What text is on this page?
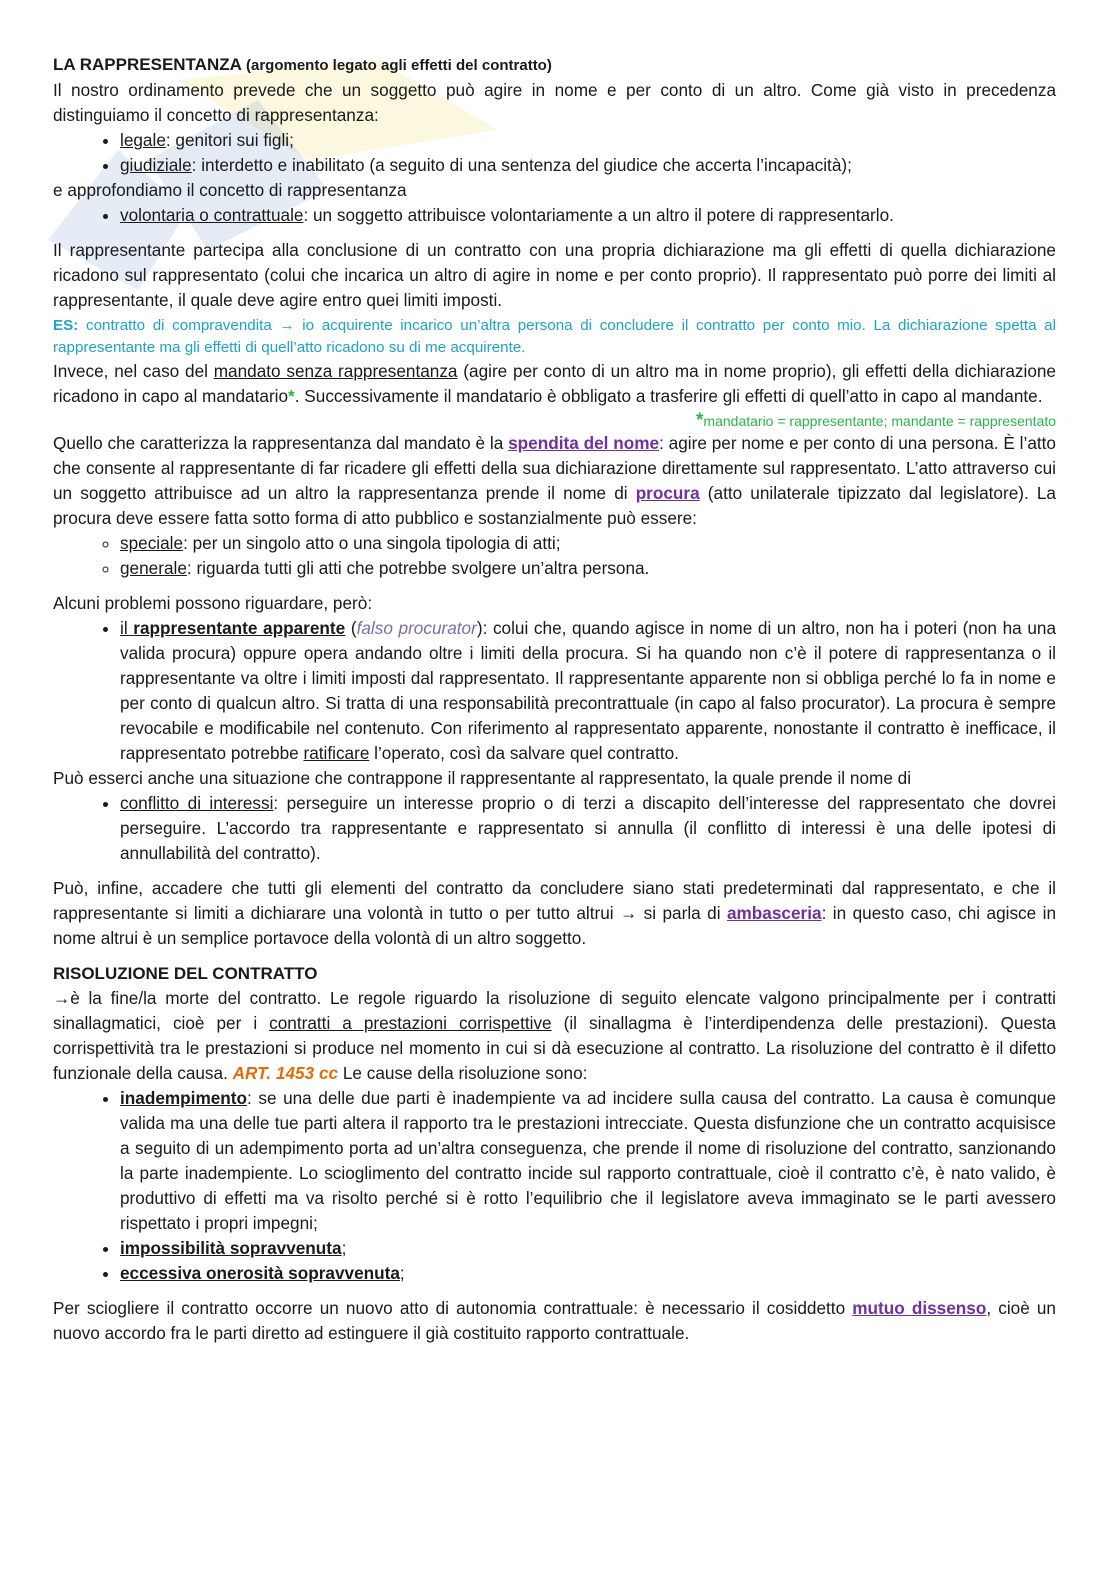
LA RAPPRESENTANZA (argomento legato agli effetti del contratto)

Il nostro ordinamento prevede che un soggetto può agire in nome e per conto di un altro. Come già visto in precedenza distinguiamo il concetto di rappresentanza:

• legale: genitori sui figli;
• giudiziale: interdetto e inabilitato (a seguito di una sentenza del giudice che accerta l’incapacità);

e approfondiamo il concetto di rappresentanza

• volontaria o contrattuale: un soggetto attribuisce volontariamente a un altro il potere di rappresentarlo.

Il rappresentante partecipa alla conclusione di un contratto con una propria dichiarazione ma gli effetti di quella dichiarazione ricadono sul rappresentato (colui che incarica un altro di agire in nome e per conto proprio). Il rappresentato può porre dei limiti al rappresentante, il quale deve agire entro quei limiti imposti.

ES: contratto di compravendita → io acquirente incarico un’altra persona di concludere il contratto per conto mio. La dichiarazione spetta al rappresentante ma gli effetti di quell’atto ricadono su di me acquirente.

Invece, nel caso del mandato senza rappresentanza (agire per conto di un altro ma in nome proprio), gli effetti della dichiarazione ricadono in capo al mandatario*. Successivamente il mandatario è obbligato a trasferire gli effetti di quell’atto in capo al mandante.

*mandatario = rappresentante; mandante = rappresentato

Quello che caratterizza la rappresentanza dal mandato è la spendita del nome: agire per nome e per conto di una persona. È l’atto che consente al rappresentante di far ricadere gli effetti della sua dichiarazione direttamente sul rappresentato. L’atto attraverso cui un soggetto attribuisce ad un altro la rappresentanza prende il nome di procura (atto unilaterale tipizzato dal legislatore). La procura deve essere fatta sotto forma di atto pubblico e sostanzialmente può essere:

◦ speciale: per un singolo atto o una singola tipologia di atti;
◦ generale: riguarda tutti gli atti che potrebbe svolgere un’altra persona.

Alcuni problemi possono riguardare, però:

• il rappresentante apparente (falso procurator): colui che, quando agisce in nome di un altro, non ha i poteri (non ha una valida procura) oppure opera andando oltre i limiti della procura. Si ha quando non c’è il potere di rappresentanza o il rappresentante va oltre i limiti imposti dal rappresentato. Il rappresentante apparente non si obbliga perché lo fa in nome e per conto di qualcun altro. Si tratta di una responsabilità precontrattuale (in capo al falso procurator). La procura è sempre revocabile e modificabile nel contenuto. Con riferimento al rappresentato apparente, nonostante il contratto è inefficace, il rappresentato potrebbe ratificare l’operato, così da salvare quel contratto.

Può esserci anche una situazione che contrappone il rappresentante al rappresentato, la quale prende il nome di

• conflitto di interessi: perseguire un interesse proprio o di terzi a discapito dell’interesse del rappresentato che dovrei perseguire. L’accordo tra rappresentante e rappresentato si annulla (il conflitto di interessi è una delle ipotesi di annullabilità del contratto).

Può, infine, accadere che tutti gli elementi del contratto da concludere siano stati predeterminati dal rappresentato, e che il rappresentante si limiti a dichiarare una volontà in tutto o per tutto altrui → si parla di ambasceria: in questo caso, chi agisce in nome altrui è un semplice portavoce della volontà di un altro soggetto.

RISOLUZIONE DEL CONTRATTO

→è la fine/la morte del contratto. Le regole riguardo la risoluzione di seguito elencate valgono principalmente per i contratti sinallagmatici, cioè per i contratti a prestazioni corrispettive (il sinallagma è l’interdipendenza delle prestazioni). Questa corrispettività tra le prestazioni si produce nel momento in cui si dà esecuzione al contratto. La risoluzione del contratto è il difetto funzionale della causa. ART. 1453 cc Le cause della risoluzione sono:

• inadempimento: se una delle due parti è inadempiente va ad incidere sulla causa del contratto. La causa è comunque valida ma una delle tue parti altera il rapporto tra le prestazioni intrecciate. Questa disfunzione che un contratto acquisisce a seguito di un adempimento porta ad un’altra conseguenza, che prende il nome di risoluzione del contratto, sanzionando la parte inadempiente. Lo scioglimento del contratto incide sul rapporto contrattuale, cioè il contratto c’è, è nato valido, è produttivo di effetti ma va risolto perché si è rotto l’equilibrio che il legislatore aveva immaginato se le parti avessero rispettato i propri impegni;
• impossibilità sopravvenuta;
• eccessiva onerosità sopravvenuta;

Per sciogliere il contratto occorre un nuovo atto di autonomia contrattuale: è necessario il cosiddetto mutuo dissenso, cioè un nuovo accordo fra le parti diretto ad estinguere il già costituito rapporto contrattuale.
